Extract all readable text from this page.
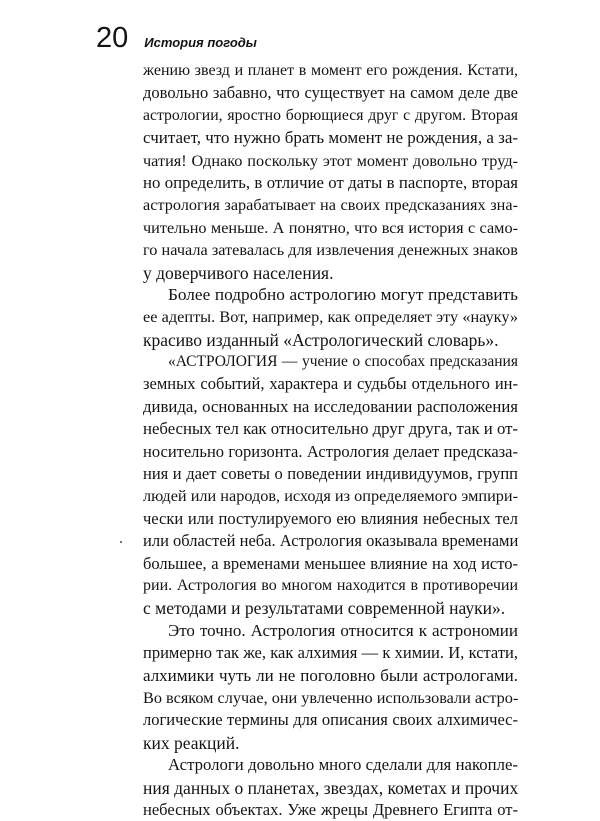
20 История погоды
жению звезд и планет в момент его рождения. Кстати,
довольно забавно, что существует на самом деле две
астрологии, яростно борющиеся друг с другом. Вторая
считает, что нужно брать момент не рождения, а за-
чатия! Однако поскольку этот момент довольно труд-
но определить, в отличие от даты в паспорте, вторая
астрология зарабатывает на своих предсказаниях зна-
чительно меньше. А понятно, что вся история с само-
го начала затевалась для извлечения денежных знаков
у доверчивого населения.
Более подробно астрологию могут представить
ее адепты. Вот, например, как определяет эту «науку»
красиво изданный «Астрологический словарь».
«АСТРОЛОГИЯ — учение о способах предсказания
земных событий, характера и судьбы отдельного ин-
дивида, основанных на исследовании расположения
небесных тел как относительно друг друга, так и от-
носительно горизонта. Астрология делает предсказа-
ния и дает советы о поведении индивидуумов, групп
людей или народов, исходя из определяемого эмпири-
чески или постулируемого ею влияния небесных тел
или областей неба. Астрология оказывала временами
большее, а временами меньшее влияние на ход исто-
рии. Астрология во многом находится в противоречии
с методами и результатами современной науки».
Это точно. Астрология относится к астрономии
примерно так же, как алхимия — к химии. И, кстати,
алхимики чуть ли не поголовно были астрологами.
Во всяком случае, они увлеченно использовали астро-
логические термины для описания своих алхимичес-
ких реакций.
Астрологи довольно много сделали для накопле-
ния данных о планетах, звездах, кометах и прочих
небесных объектах. Уже жрецы Древнего Египта от-
